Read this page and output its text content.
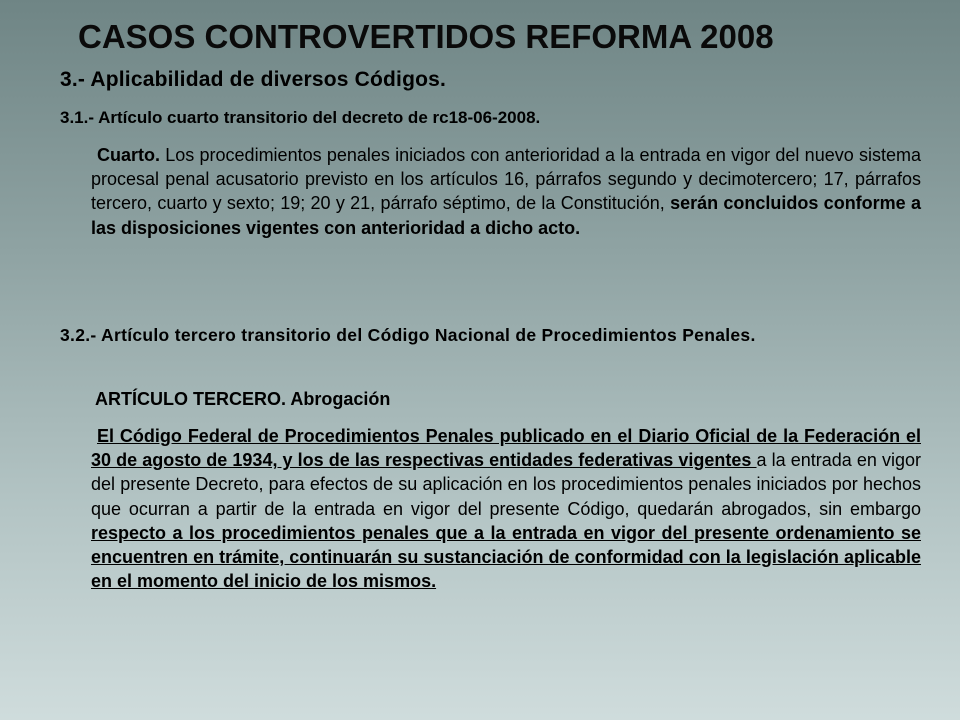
CASOS CONTROVERTIDOS REFORMA 2008
3.- Aplicabilidad de diversos Códigos.
3.1.- Artículo cuarto transitorio del decreto de rc18-06-2008.

Cuarto. Los procedimientos penales iniciados con anterioridad a la entrada en vigor del nuevo sistema procesal penal acusatorio previsto en los artículos 16, párrafos segundo y decimotercero; 17, párrafos tercero, cuarto y sexto; 19; 20 y 21, párrafo séptimo, de la Constitución, serán concluidos conforme a las disposiciones vigentes con anterioridad a dicho acto.

3.2.- Artículo tercero transitorio del Código Nacional de Procedimientos Penales.

ARTÍCULO TERCERO. Abrogación

El Código Federal de Procedimientos Penales publicado en el Diario Oficial de la Federación el 30 de agosto de 1934, y los de las respectivas entidades federativas vigentes a la entrada en vigor del presente Decreto, para efectos de su aplicación en los procedimientos penales iniciados por hechos que ocurran a partir de la entrada en vigor del presente Código, quedarán abrogados, sin embargo respecto a los procedimientos penales que a la entrada en vigor del presente ordenamiento se encuentren en trámite, continuarán su sustanciación de conformidad con la legislación aplicable en el momento del inicio de los mismos.
